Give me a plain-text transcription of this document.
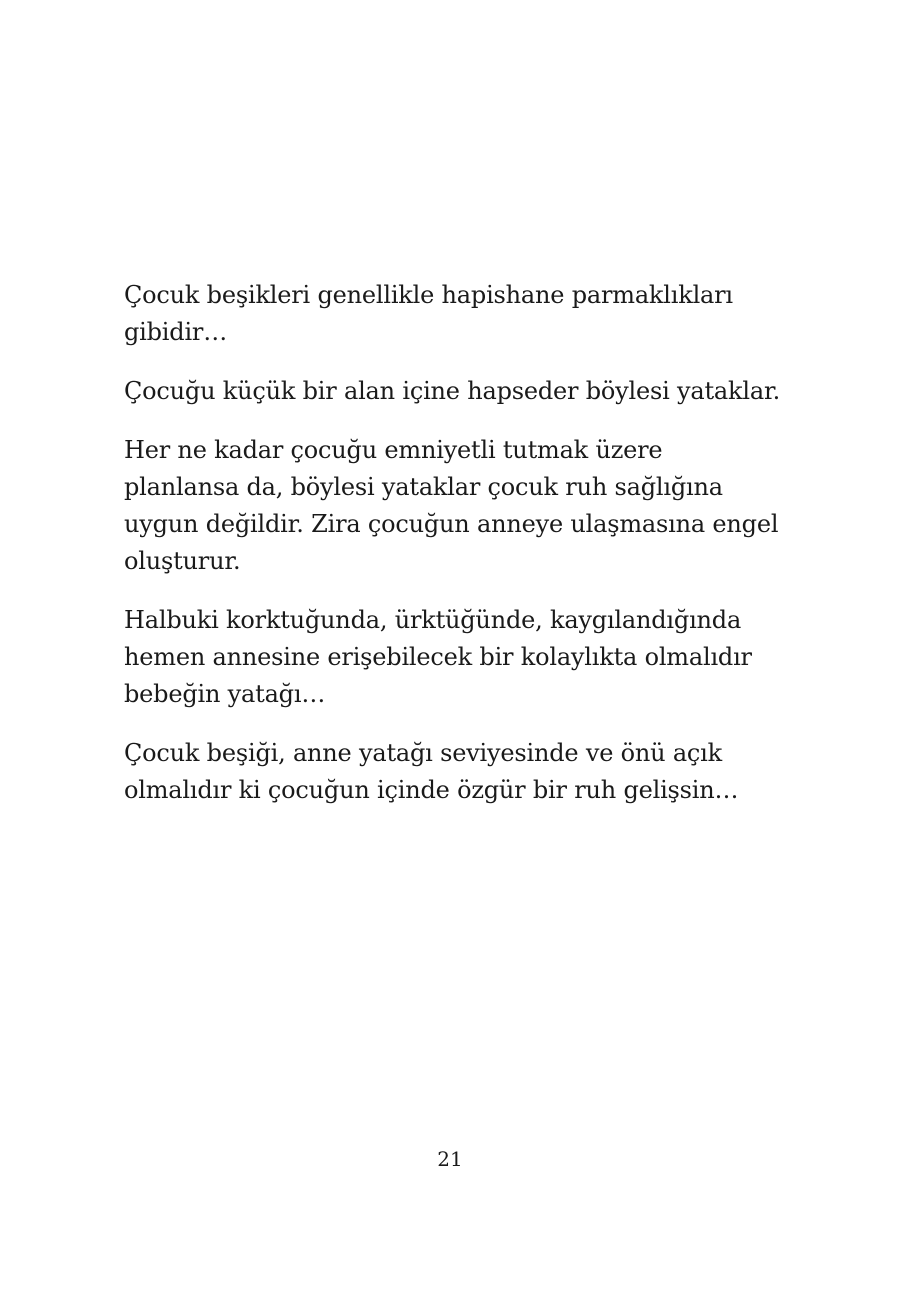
Çocuk beşikleri genellikle hapishane parmaklıkları gibidir…

Çocuğu küçük bir alan içine hapseder böylesi yataklar.

Her ne kadar çocuğu emniyetli tutmak üzere planlansa da, böylesi yataklar çocuk ruh sağlığına uygun değildir. Zira çocuğun anneye ulaşmasına engel oluşturur.

Halbuki korktuğunda, ürktüğünde, kaygılandığında hemen annesine erişebilecek bir kolaylıkta olmalıdır bebeğin yatağı…

Çocuk beşiği, anne yatağı seviyesinde ve önü açık olmalıdır ki çocuğun içinde özgür bir ruh gelişsin…

21
